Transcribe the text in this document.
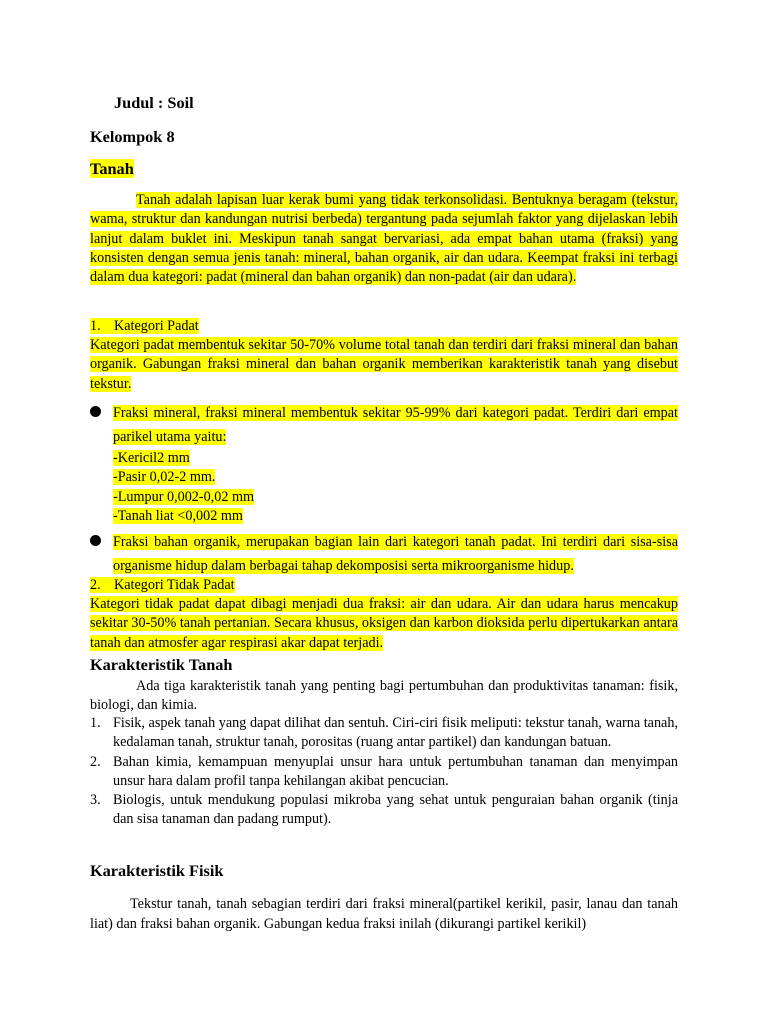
Judul : Soil
Kelompok 8
Tanah

Tanah adalah lapisan luar kerak bumi yang tidak terkonsolidasi. Bentuknya beragam (tekstur, wama, struktur dan kandungan nutrisi berbeda) tergantung pada sejumlah faktor yang dijelaskan lebih lanjut dalam buklet ini. Meskipun tanah sangat bervariasi, ada empat bahan utama (fraksi) yang konsisten dengan semua jenis tanah: mineral, bahan organik, air dan udara. Keempat fraksi ini terbagi dalam dua kategori: padat (mineral dan bahan organik) dan non-padat (air dan udara).

1. Kategori Padat

Kategori padat membentuk sekitar 50-70% volume total tanah dan terdiri dari fraksi mineral dan bahan organik. Gabungan fraksi mineral dan bahan organik memberikan karakteristik tanah yang disebut tekstur.

Fraksi mineral, fraksi mineral membentuk sekitar 95-99% dari kategori padat. Terdiri dari empat parikel utama yaitu:
-Kericil2 mm
-Pasir 0,02-2 mm.
-Lumpur 0,002-0,02 mm
-Tanah liat <0,002 mm
Fraksi bahan organik, merupakan bagian lain dari kategori tanah padat. Ini terdiri dari sisa-sisa organisme hidup dalam berbagai tahap dekomposisi serta mikroorganisme hidup.
2. Kategori Tidak Padat

Kategori tidak padat dapat dibagi menjadi dua fraksi: air dan udara. Air dan udara harus mencakup sekitar 30-50% tanah pertanian. Secara khusus, oksigen dan karbon dioksida perlu dipertukarkan antara tanah dan atmosfer agar respirasi akar dapat terjadi.

Karakteristik Tanah

Ada tiga karakteristik tanah yang penting bagi pertumbuhan dan produktivitas tanaman: fisik, biologi, dan kimia.

1. Fisik, aspek tanah yang dapat dilihat dan sentuh. Ciri-ciri fisik meliputi: tekstur tanah, warna tanah, kedalaman tanah, struktur tanah, porositas (ruang antar partikel) dan kandungan batuan.
2. Bahan kimia, kemampuan menyuplai unsur hara untuk pertumbuhan tanaman dan menyimpan unsur hara dalam profil tanpa kehilangan akibat pencucian.
3. Biologis, untuk mendukung populasi mikroba yang sehat untuk penguraian bahan organik (tinja dan sisa tanaman dan padang rumput).
Karakteristik Fisik

Tekstur tanah, tanah sebagian terdiri dari fraksi mineral(partikel kerikil, pasir, lanau dan tanah liat) dan fraksi bahan organik. Gabungan kedua fraksi inilah (dikurangi partikel kerikil)
